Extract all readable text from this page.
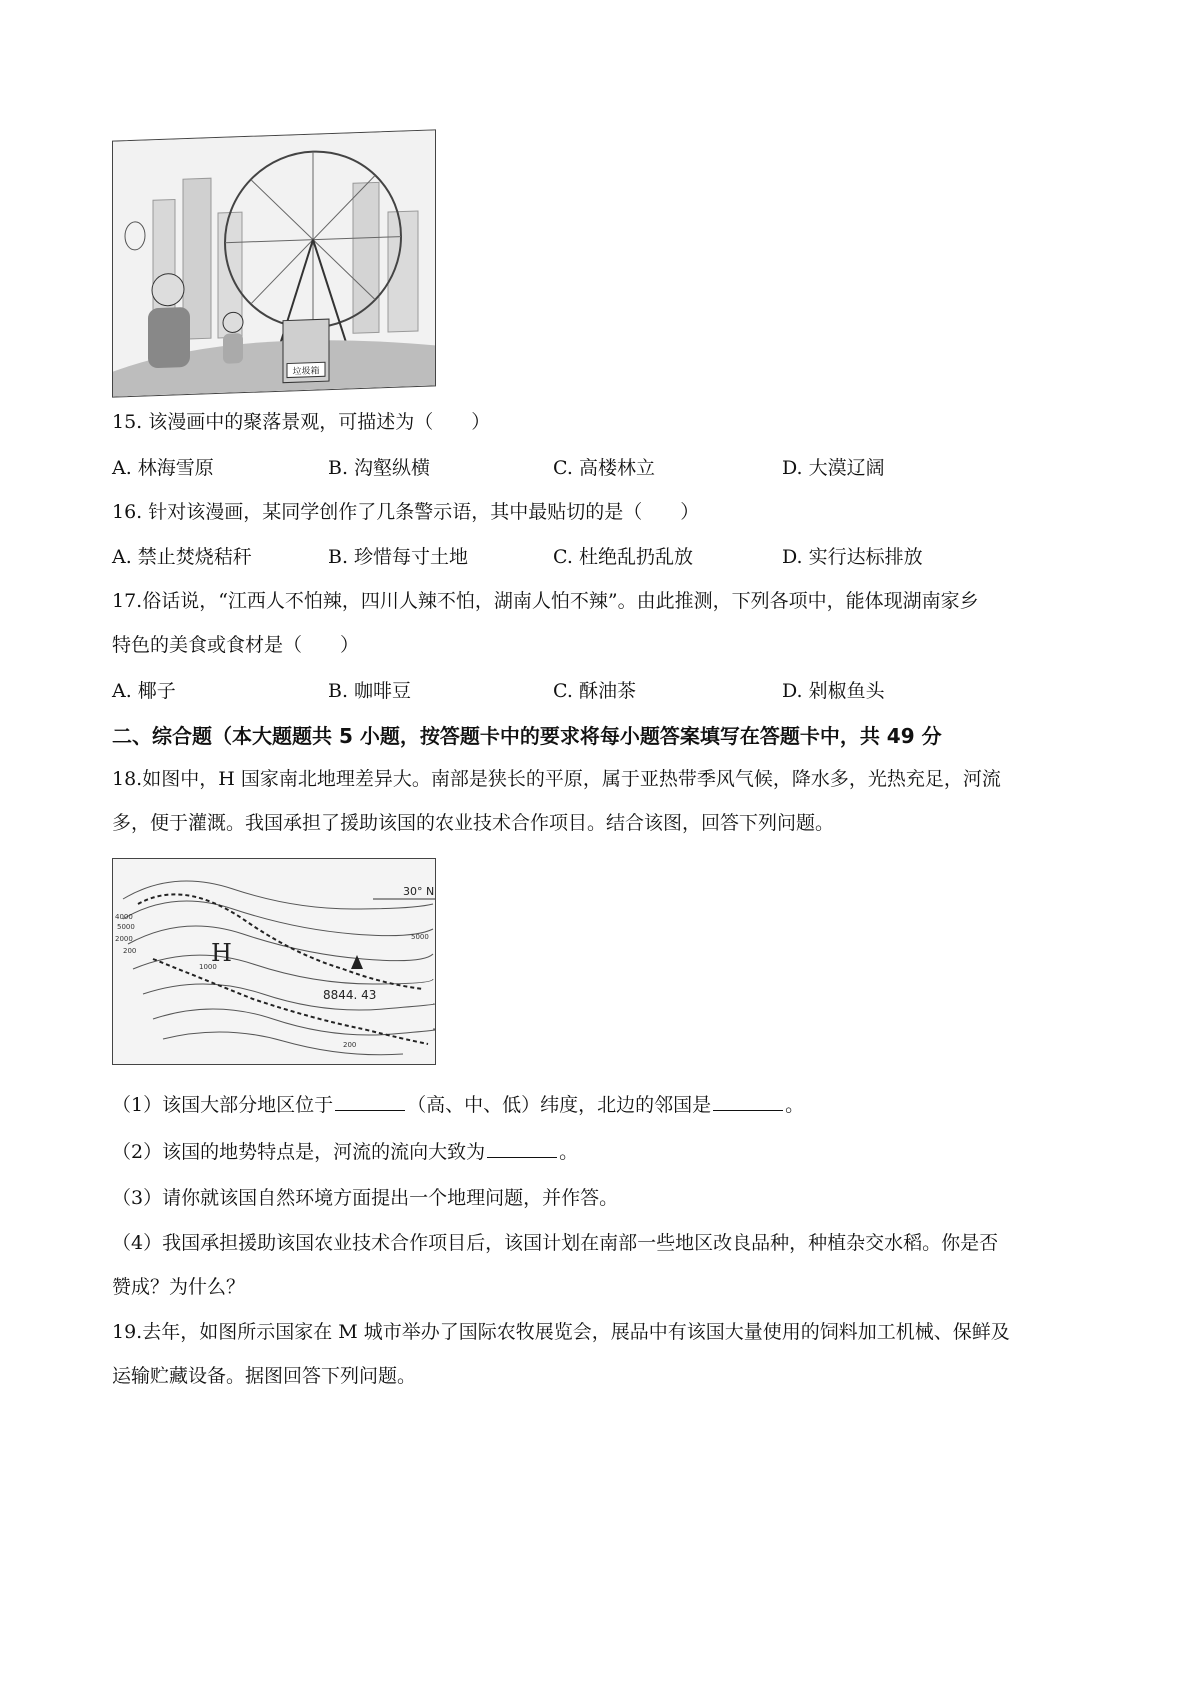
垃圾箱
15. 该漫画中的聚落景观，可描述为（　　）
A. 林海雪原	B. 沟壑纵横	C. 高楼林立	D. 大漠辽阔
16. 针对该漫画，某同学创作了几条警示语，其中最贴切的是（　　）
A. 禁止焚烧秸秆	B. 珍惜每寸土地	C. 杜绝乱扔乱放	D. 实行达标排放
17.俗话说，“江西人不怕辣，四川人辣不怕，湖南人怕不辣”。由此推测，下列各项中，能体现湖南家乡
特色的美食或食材是（　　）
A. 椰子	B. 咖啡豆	C. 酥油茶	D. 剁椒鱼头
二、综合题（本大题题共 5 小题，按答题卡中的要求将每小题答案填写在答题卡中，共 49 分
18.如图中，H 国家南北地理差异大。南部是狭长的平原，属于亚热带季风气候，降水多，光热充足，河流
多，便于灌溉。我国承担了援助该国的农业技术合作项目。结合该图，回答下列问题。
30° N
H
8844. 43
4000
2000
5000
1000
200
5000
200
（1）该国大部分地区位于	（高、中、低）纬度，北边的邻国是	。
（2）该国的地势特点是，河流的流向大致为	。
（3）请你就该国自然环境方面提出一个地理问题，并作答。
（4）我国承担援助该国农业技术合作项目后，该国计划在南部一些地区改良品种，种植杂交水稻。你是否
赞成？为什么？
19.去年，如图所示国家在 M 城市举办了国际农牧展览会，展品中有该国大量使用的饲料加工机械、保鲜及
运输贮藏设备。据图回答下列问题。
